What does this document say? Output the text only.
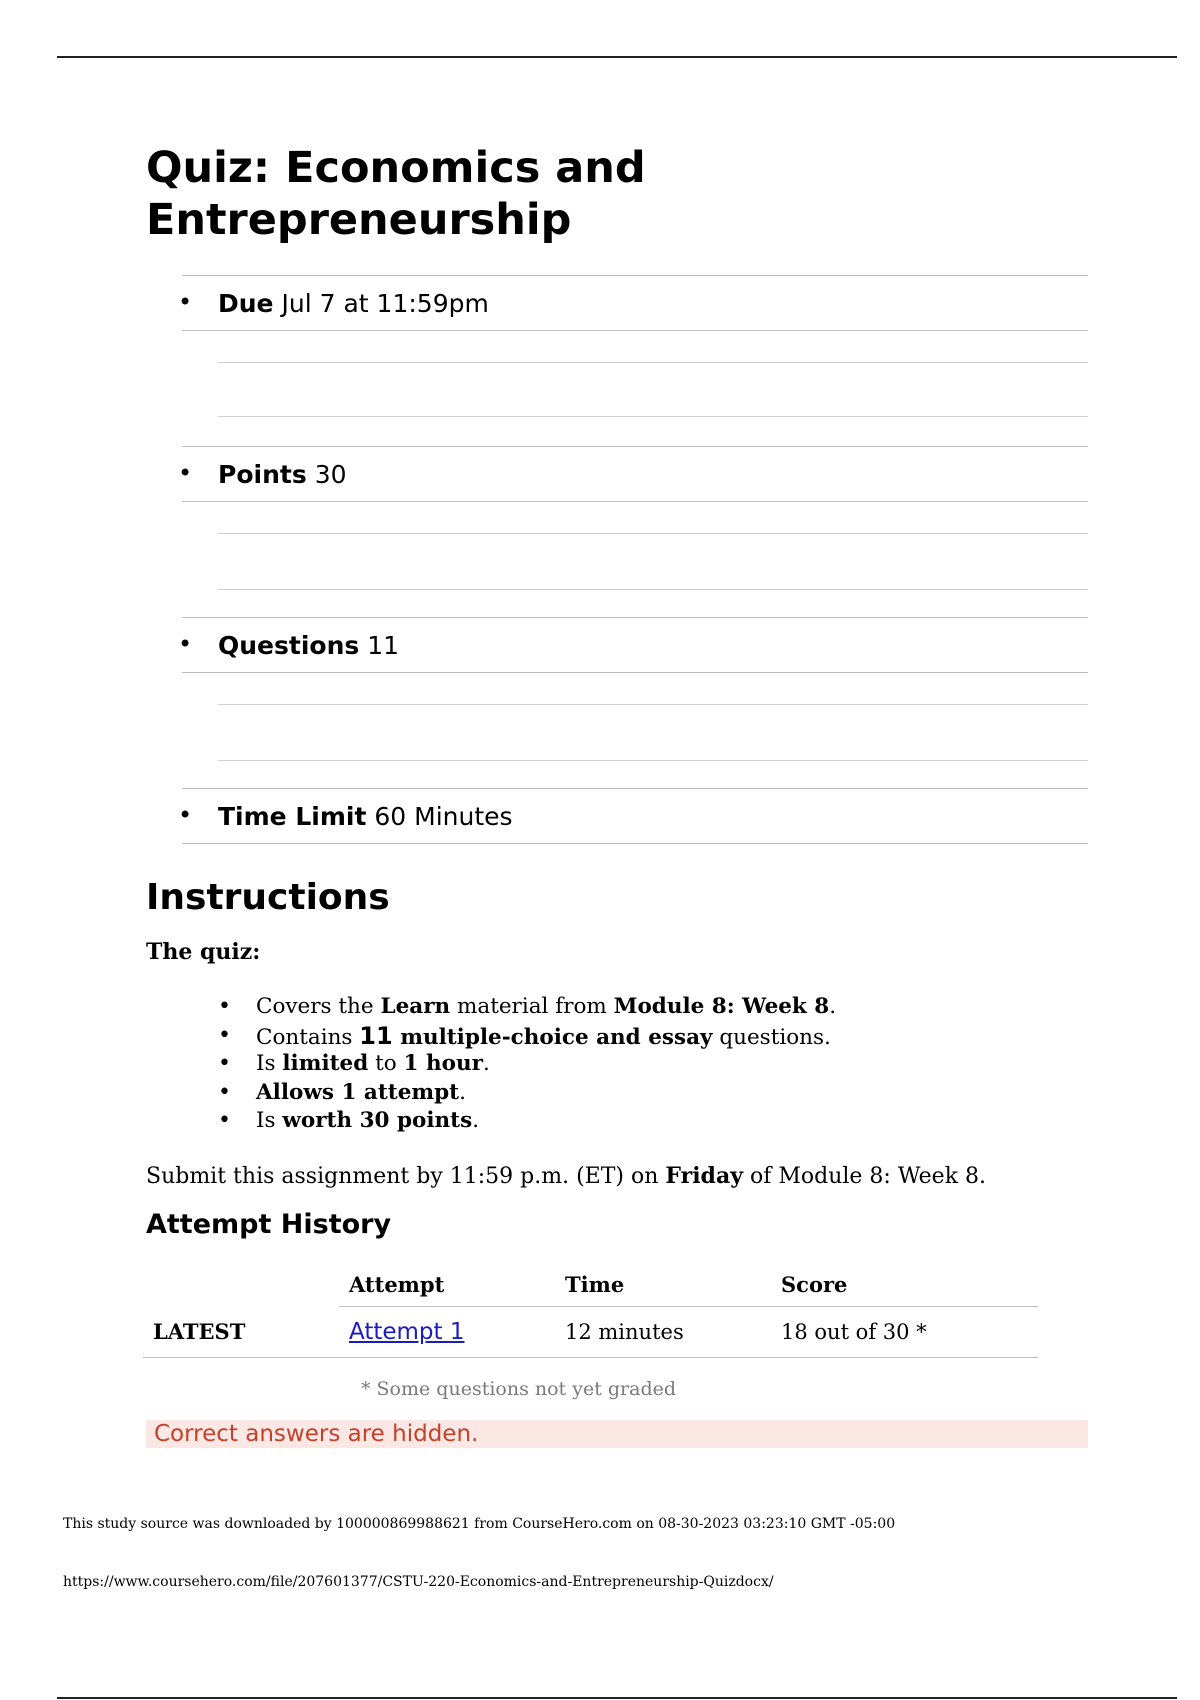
Quiz: Economics and Entrepreneurship
• Due Jul 7 at 11:59pm
• Points 30
• Questions 11
• Time Limit 60 Minutes
Instructions
The quiz:
• Covers the Learn material from Module 8: Week 8.
• Contains 11 multiple-choice and essay questions.
• Is limited to 1 hour.
• Allows 1 attempt.
• Is worth 30 points.
Submit this assignment by 11:59 p.m. (ET) on Friday of Module 8: Week 8.
Attempt History
	Attempt	Time	Score
LATEST	Attempt 1	12 minutes	18 out of 30 *
* Some questions not yet graded
Correct answers are hidden.
This study source was downloaded by 100000869988621 from CourseHero.com on 08-30-2023 03:23:10 GMT -05:00
https://www.coursehero.com/file/207601377/CSTU-220-Economics-and-Entrepreneurship-Quizdocx/
